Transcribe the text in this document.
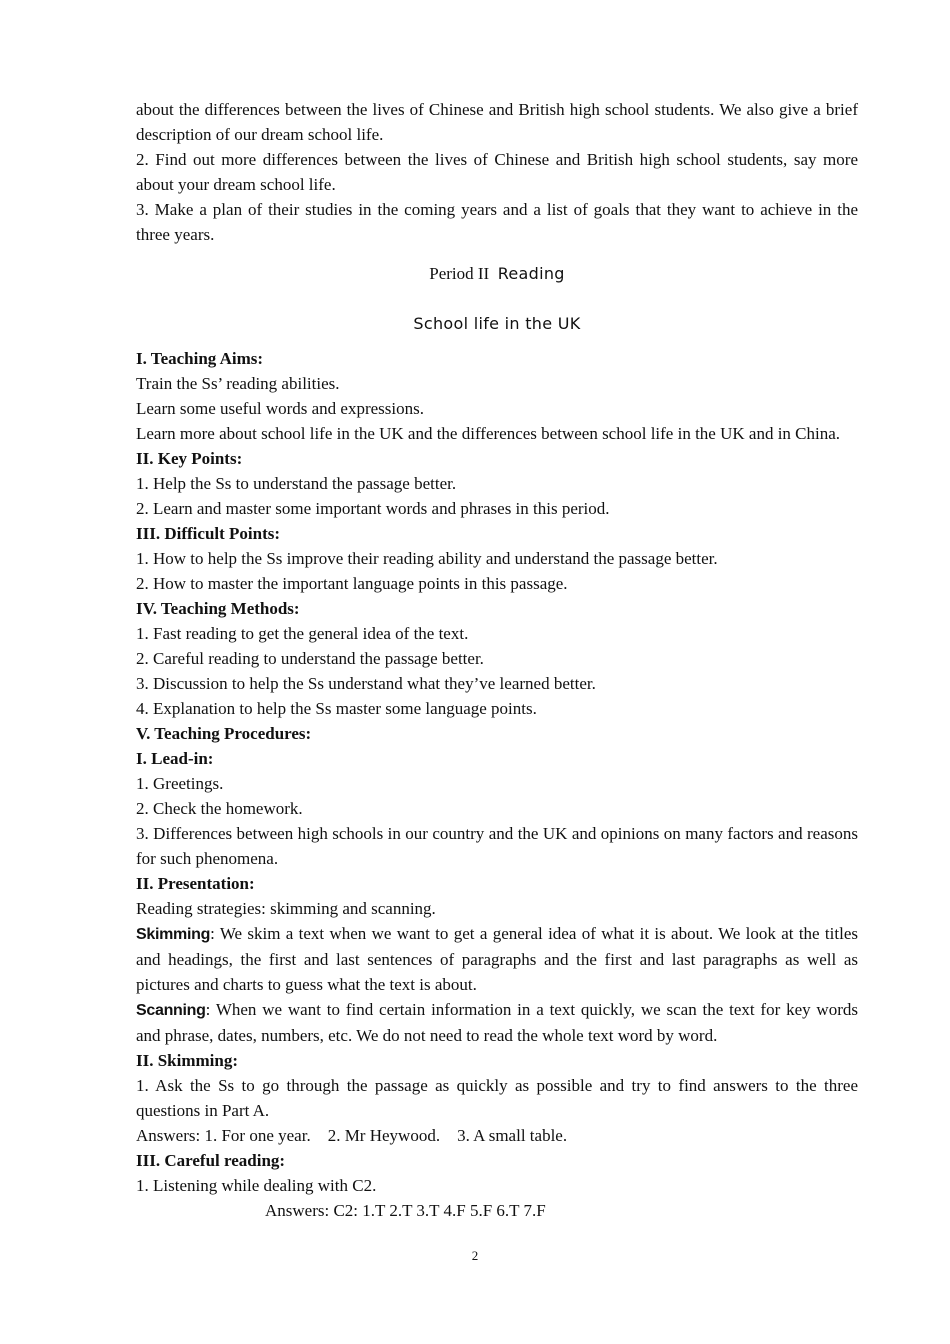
about the differences between the lives of Chinese and British high school students. We also give a brief description of our dream school life.

2. Find out more differences between the lives of Chinese and British high school students, say more about your dream school life.

3. Make a plan of their studies in the coming years and a list of goals that they want to achieve in the three years.

Period II Reading

School life in the UK

I. Teaching Aims:

Train the Ss’ reading abilities.

Learn some useful words and expressions.

Learn more about school life in the UK and the differences between school life in the UK and in China.

II. Key Points:

1. Help the Ss to understand the passage better.

2. Learn and master some important words and phrases in this period.

III. Difficult Points:

1. How to help the Ss improve their reading ability and understand the passage better.

2. How to master the important language points in this passage.

IV. Teaching Methods:

1. Fast reading to get the general idea of the text.

2. Careful reading to understand the passage better.

3. Discussion to help the Ss understand what they’ve learned better.

4. Explanation to help the Ss master some language points.

V. Teaching Procedures:

I. Lead-in:

1. Greetings.

2. Check the homework.

3. Differences between high schools in our country and the UK and opinions on many factors and reasons for such phenomena.

II. Presentation:

Reading strategies: skimming and scanning.

Skimming: We skim a text when we want to get a general idea of what it is about. We look at the titles and headings, the first and last sentences of paragraphs and the first and last paragraphs as well as pictures and charts to guess what the text is about.

Scanning: When we want to find certain information in a text quickly, we scan the text for key words and phrase, dates, numbers, etc. We do not need to read the whole text word by word.

II. Skimming:

1. Ask the Ss to go through the passage as quickly as possible and try to find answers to the three questions in Part A.

Answers: 1. For one year.    2. Mr Heywood.    3. A small table.

III. Careful reading:

1. Listening while dealing with C2.

Answers: C2: 1.T 2.T 3.T 4.F 5.F 6.T 7.F

2
